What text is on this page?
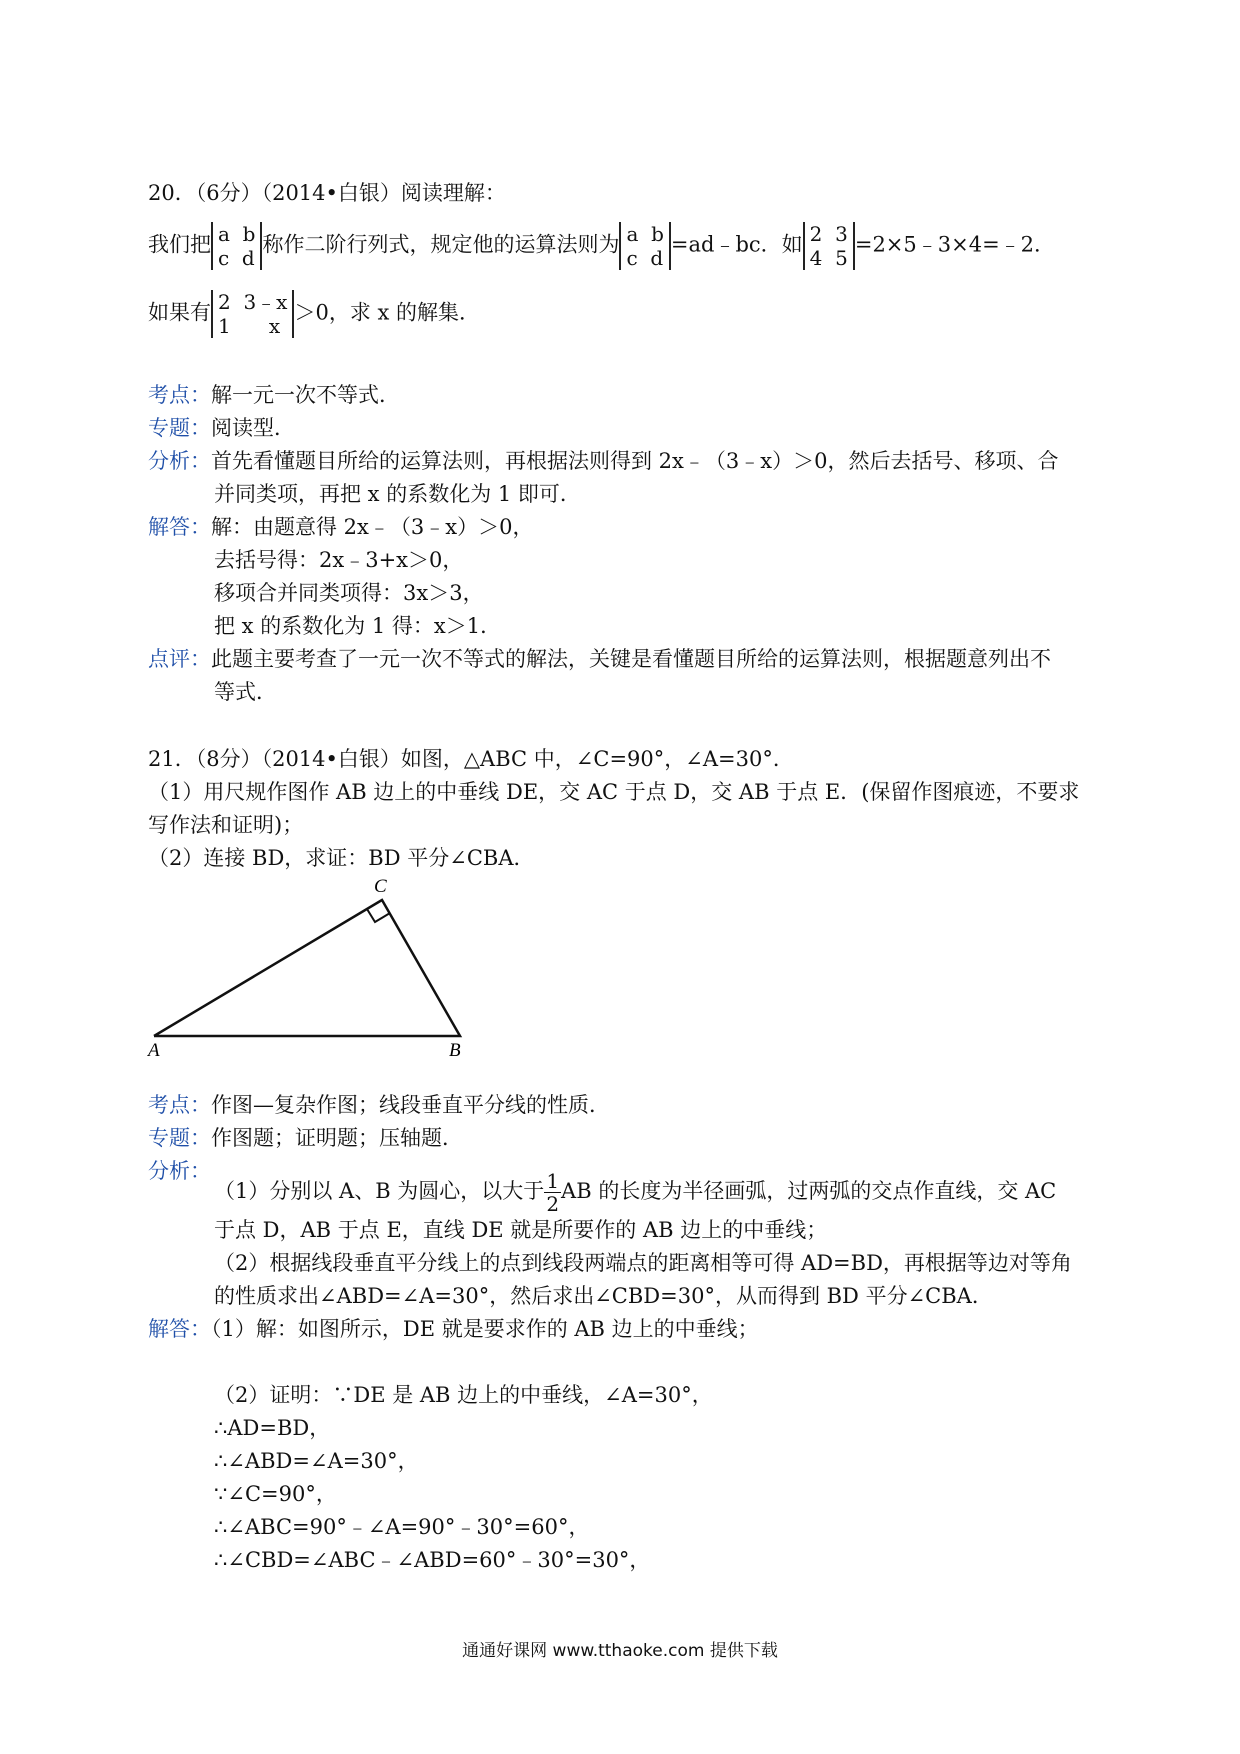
20．（6分）（2014•白银）阅读理解：
我们把 a  b
c  d
称作二阶行列式，规定他的运算法则为 a  b
c  d
=ad﹣bc．如 2  3
4  5
=2×5﹣3×4=﹣2．
如果有 2  3﹣x
1      x
＞0，求 x 的解集．
考点：解一元一次不等式．
专题：阅读型．
分析：首先看懂题目所给的运算法则，再根据法则得到 2x﹣（3﹣x）＞0，然后去括号、移项、合
并同类项，再把 x 的系数化为 1 即可．
解答：解：由题意得 2x﹣（3﹣x）＞0，
去括号得：2x﹣3+x＞0，
移项合并同类项得：3x＞3，
把 x 的系数化为 1 得：x＞1．
点评：此题主要考查了一元一次不等式的解法，关键是看懂题目所给的运算法则，根据题意列出不
等式．
21．（8分）（2014•白银）如图，△ABC 中，∠C=90°，∠A=30°．
（1）用尺规作图作 AB 边上的中垂线 DE，交 AC 于点 D，交 AB 于点 E．(保留作图痕迹，不要求
写作法和证明)；
（2）连接 BD，求证：BD 平分∠CBA．
A	B
C
考点：作图—复杂作图；线段垂直平分线的性质．
专题：作图题；证明题；压轴题．
分析：
（1）分别以 A、B 为圆心，以大于 $\frac{1}{2}$ AB 的长度为半径画弧，过两弧的交点作直线，交 AC
于点 D，AB 于点 E，直线 DE 就是所要作的 AB 边上的中垂线；
（2）根据线段垂直平分线上的点到线段两端点的距离相等可得 AD=BD，再根据等边对等角
的性质求出∠ABD=∠A=30°，然后求出∠CBD=30°，从而得到 BD 平分∠CBA．
解答：（1）解：如图所示，DE 就是要求作的 AB 边上的中垂线；
（2）证明：∵DE 是 AB 边上的中垂线，∠A=30°，
∴AD=BD，
∴∠ABD=∠A=30°，
∵∠C=90°，
∴∠ABC=90°﹣∠A=90°﹣30°=60°，
∴∠CBD=∠ABC﹣∠ABD=60°﹣30°=30°，
通通好课网 www.tthaoke.com 提供下载
